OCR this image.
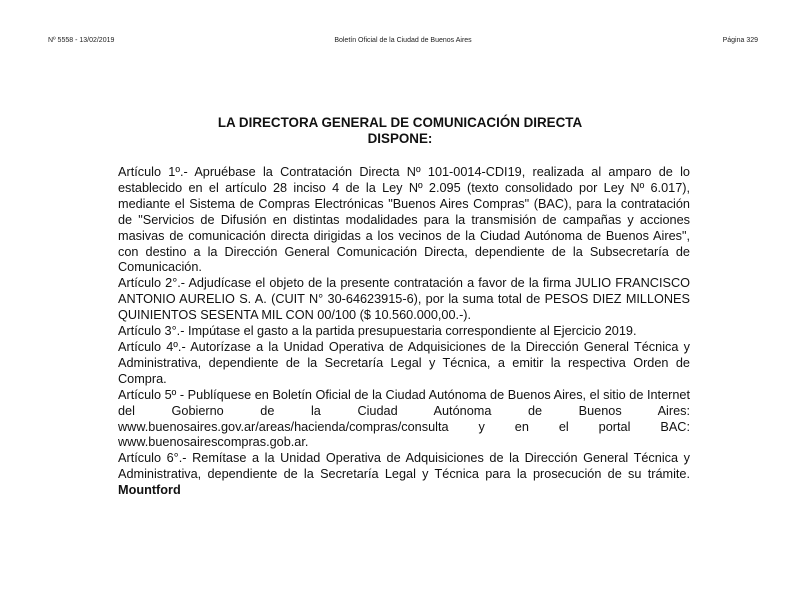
Nº 5558 - 13/02/2019	Boletín Oficial de la Ciudad de Buenos Aires	Página 329
LA DIRECTORA GENERAL DE COMUNICACIÓN DIRECTA
DISPONE:

Artículo 1º.- Apruébase la Contratación Directa Nº 101-0014-CDI19, realizada al amparo de lo establecido en el artículo 28 inciso 4 de la Ley Nº 2.095 (texto consolidado por Ley Nº 6.017), mediante el Sistema de Compras Electrónicas "Buenos Aires Compras" (BAC), para la contratación de "Servicios de Difusión en distintas modalidades para la transmisión de campañas y acciones masivas de comunicación directa dirigidas a los vecinos de la Ciudad Autónoma de Buenos Aires", con destino a la Dirección General Comunicación Directa, dependiente de la Subsecretaría de Comunicación.

Artículo 2°.- Adjudícase el objeto de la presente contratación a favor de la firma JULIO FRANCISCO ANTONIO AURELIO S. A. (CUIT N° 30-64623915-6), por la suma total de PESOS DIEZ MILLONES QUINIENTOS SESENTA MIL CON 00/100 ($ 10.560.000,00.-).

Artículo 3°.- Impútase el gasto a la partida presupuestaria correspondiente al Ejercicio 2019.

Artículo 4º.- Autorízase a la Unidad Operativa de Adquisiciones de la Dirección General Técnica y Administrativa, dependiente de la Secretaría Legal y Técnica, a emitir la respectiva Orden de Compra.

Artículo 5º - Publíquese en Boletín Oficial de la Ciudad Autónoma de Buenos Aires, el sitio de Internet del Gobierno de la Ciudad Autónoma de Buenos Aires: www.buenosaires.gov.ar/areas/hacienda/compras/consulta y en el portal BAC: www.buenosairescompras.gob.ar.

Artículo 6°.- Remítase a la Unidad Operativa de Adquisiciones de la Dirección General Técnica y Administrativa, dependiente de la Secretaría Legal y Técnica para la prosecución de su trámite. Mountford
